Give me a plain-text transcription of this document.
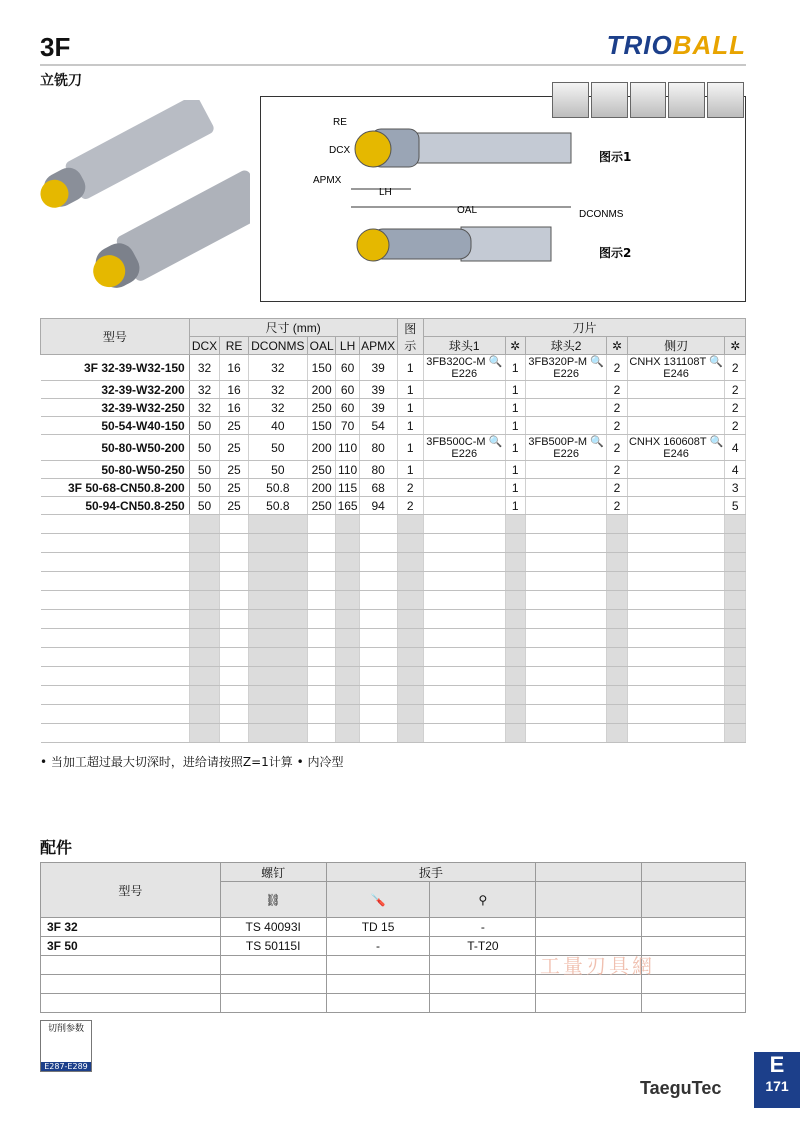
3F
立铣刀
TRIOBALL
RE
DCX
APMX
LH
OAL	DCONMS
图示1
图示2
型号	尺寸 (mm)						图示	刀片					
	DCX	RE	DCONMS	OAL	LH	APMX		球头1	✲	球头2	✲	侧刃	✲
3F 32-39-W32-150	32	16	32	150	60	39	1	3FB320C-M 🔍E226	1	3FB320P-M 🔍E226	2	CNHX 131108T 🔍E246	2
32-39-W32-200	32	16	32	200	60	39	1		1		2		2
32-39-W32-250	32	16	32	250	60	39	1		1		2		2
50-54-W40-150	50	25	40	150	70	54	1		1		2		2
50-80-W50-200	50	25	50	200	110	80	1	3FB500C-M 🔍E226	1	3FB500P-M 🔍E226	2	CNHX 160608T 🔍E246	4
50-80-W50-250	50	25	50	250	110	80	1		1		2		4
3F 50-68-CN50.8-200	50	25	50.8	200	115	68	2		1		2		3
50-94-CN50.8-250	50	25	50.8	250	165	94	2		1		2		5

• 当加工超过最大切深时，进给请按照Z=1计算 • 内冷型
配件
型号	螺钉	扳手			
	⛓	🪛	⚲		
3F 32	TS 40093I	TD 15	-		
3F 50	TS 50115I	-	T-T20		

工量刃具網
切削参数
E287-E289
TaeguTec
E
171
